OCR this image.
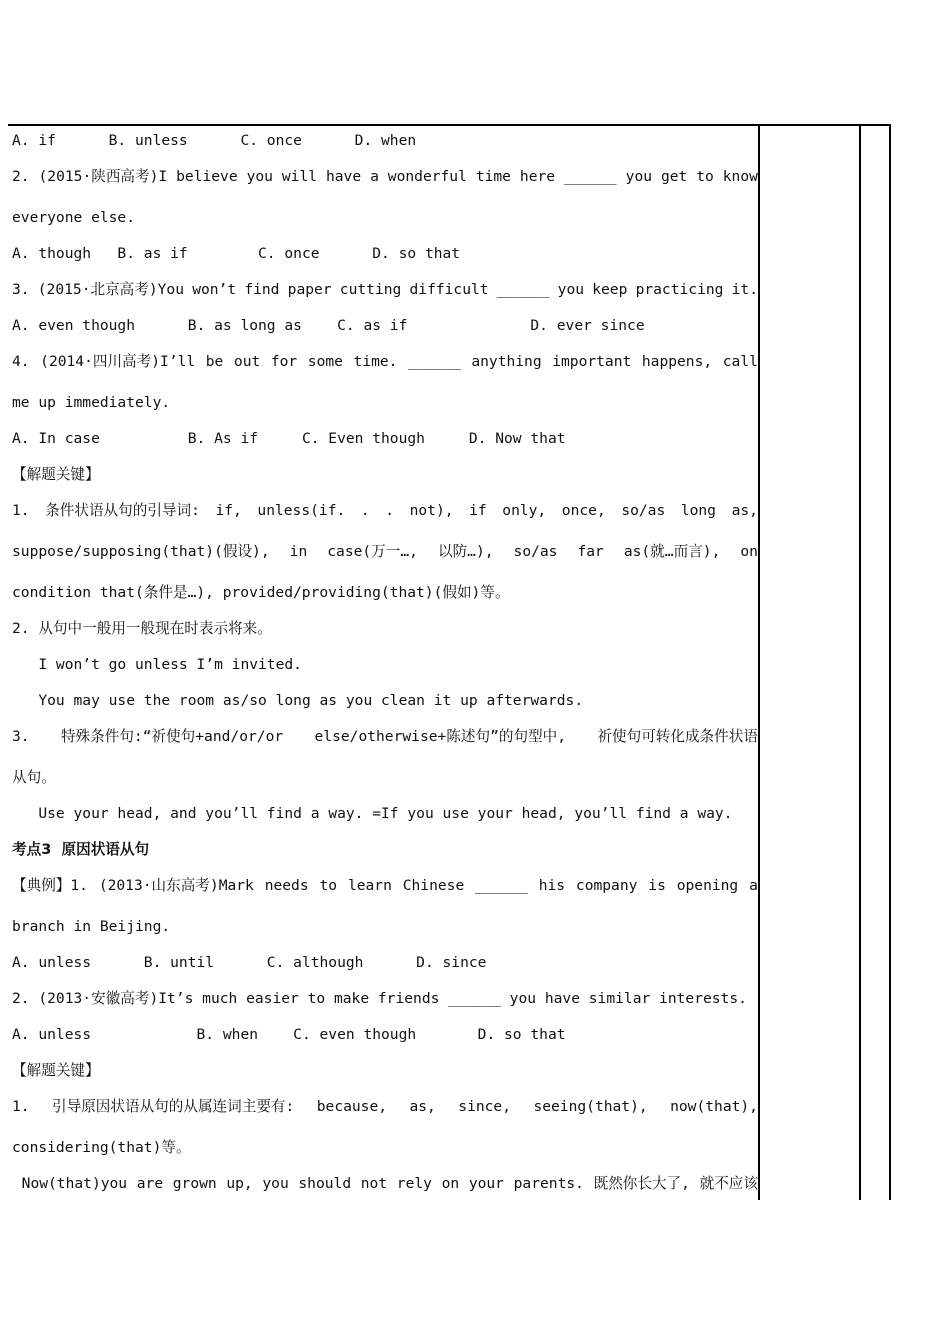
A. if      B. unless      C. once      D. when
2. (2015·陕西高考)I believe you will have a wonderful time here ______ you get to know
everyone else.
A. though   B. as if        C. once      D. so that
3. (2015·北京高考)You won’t find paper cutting difficult ______ you keep practicing it.
A. even though      B. as long as    C. as if              D. ever since
4. (2014·四川高考)I’ll be out for some time. ______ anything important happens, call
me up immediately.
A. In case          B. As if     C. Even though     D. Now that
【解题关键】
1. 条件状语从句的引导词: if, unless(if. . . not), if only, once, so/as long as,
suppose/supposing(that)(假设), in case(万一…, 以防…), so/as far as(就…而言), on
condition that(条件是…), provided/providing(that)(假如)等。
2. 从句中一般用一般现在时表示将来。
I won’t go unless I’m invited.
You may use the room as/so long as you clean it up afterwards.
3. 特殊条件句:“祈使句+and/or/or else/otherwise+陈述句”的句型中, 祈使句可转化成条件状语
从句。
Use your head, and you’ll find a way. =If you use your head, you’ll find a way.
考点3  原因状语从句
【典例】1. (2013·山东高考)Mark needs to learn Chinese ______ his company is opening a
branch in Beijing.
A. unless      B. until      C. although      D. since
2. (2013·安徽高考)It’s much easier to make friends ______ you have similar interests.
A. unless            B. when    C. even though       D. so that
【解题关键】
1. 引导原因状语从句的从属连词主要有: because, as, since, seeing(that), now(that),
considering(that)等。
Now(that)you are grown up, you should not rely on your parents. 既然你长大了, 就不应该
